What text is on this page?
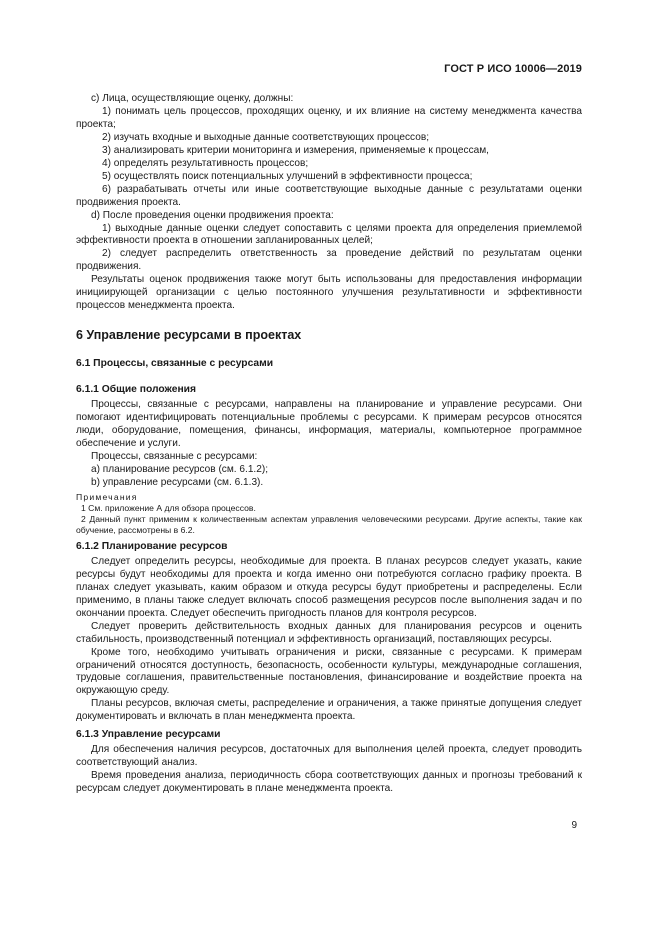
ГОСТ Р ИСО 10006—2019

c) Лица, осуществляющие оценку, должны:

1) понимать цель процессов, проходящих оценку, и их влияние на систему менеджмента качества проекта;

2) изучать входные и выходные данные соответствующих процессов;

3) анализировать критерии мониторинга и измерения, применяемые к процессам,

4) определять результативность процессов;

5) осуществлять поиск потенциальных улучшений в эффективности процесса;

6) разрабатывать отчеты или иные соответствующие выходные данные с результатами оценки продвижения проекта.

d) После проведения оценки продвижения проекта:

1) выходные данные оценки следует сопоставить с целями проекта для определения приемлемой эффективности проекта в отношении запланированных целей;

2) следует распределить ответственность за проведение действий по результатам оценки продвижения.

Результаты оценок продвижения также могут быть использованы для предоставления информации инициирующей организации с целью постоянного улучшения результативности и эффективности процессов менеджмента проекта.

6 Управление ресурсами в проектах

6.1 Процессы, связанные с ресурсами

6.1.1 Общие положения

Процессы, связанные с ресурсами, направлены на планирование и управление ресурсами. Они помогают идентифицировать потенциальные проблемы с ресурсами. К примерам ресурсов относятся люди, оборудование, помещения, финансы, информация, материалы, компьютерное программное обеспечение и услуги.

Процессы, связанные с ресурсами:

a) планирование ресурсов (см. 6.1.2);

b) управление ресурсами (см. 6.1.3).

Примечания

1 См. приложение А для обзора процессов.

2 Данный пункт применим к количественным аспектам управления человеческими ресурсами. Другие аспекты, такие как обучение, рассмотрены в 6.2.

6.1.2 Планирование ресурсов

Следует определить ресурсы, необходимые для проекта. В планах ресурсов следует указать, какие ресурсы будут необходимы для проекта и когда именно они потребуются согласно графику проекта. В планах следует указывать, каким образом и откуда ресурсы будут приобретены и распределены. Если применимо, в планы также следует включать способ размещения ресурсов после выполнения задач и по окончании проекта. Следует обеспечить пригодность планов для контроля ресурсов.

Следует проверить действительность входных данных для планирования ресурсов и оценить стабильность, производственный потенциал и эффективность организаций, поставляющих ресурсы.

Кроме того, необходимо учитывать ограничения и риски, связанные с ресурсами. К примерам ограничений относятся доступность, безопасность, особенности культуры, международные соглашения, трудовые соглашения, правительственные постановления, финансирование и воздействие проекта на окружающую среду.

Планы ресурсов, включая сметы, распределение и ограничения, а также принятые допущения следует документировать и включать в план менеджмента проекта.

6.1.3 Управление ресурсами

Для обеспечения наличия ресурсов, достаточных для выполнения целей проекта, следует проводить соответствующий анализ.

Время проведения анализа, периодичность сбора соответствующих данных и прогнозы требований к ресурсам следует документировать в плане менеджмента проекта.

9
